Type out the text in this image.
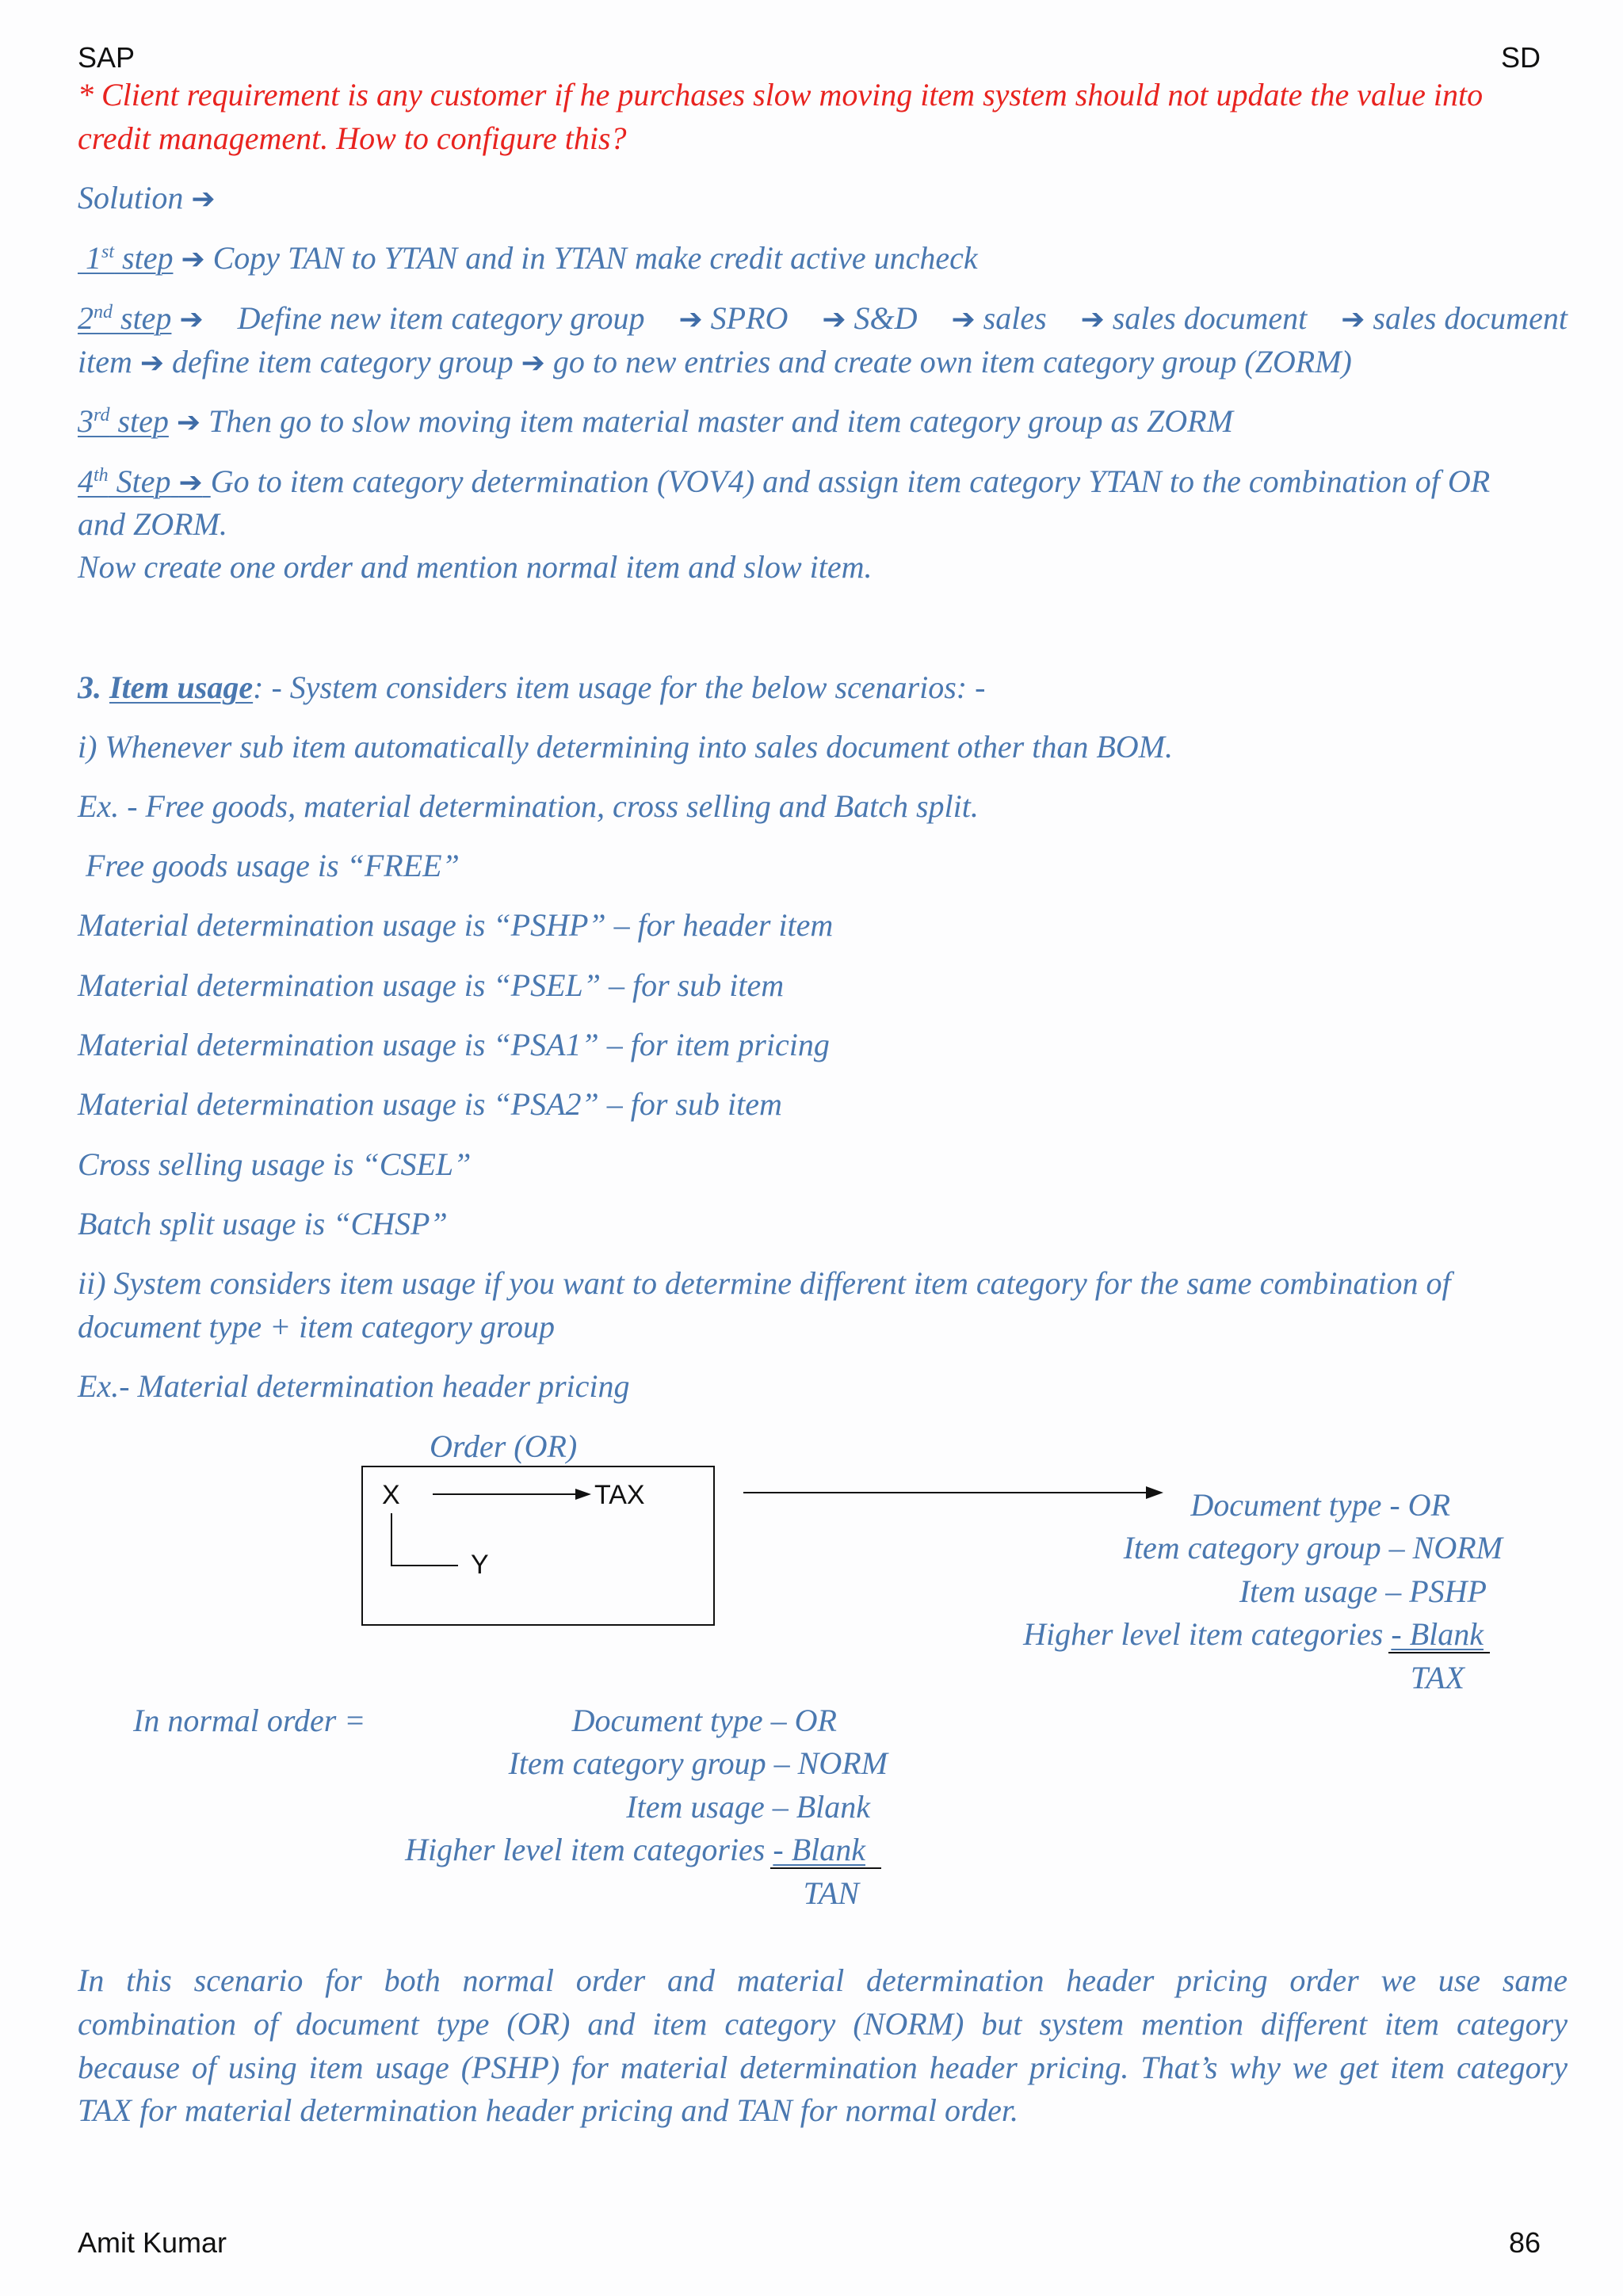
SAP	SD
* Client requirement is any customer if he purchases slow moving item system should not update the value into
credit management. How to configure this?
Solution ➔
1st step ➔ Copy TAN to YTAN and in YTAN make credit active uncheck
2nd step ➔ Define new item category group ➔ SPRO ➔ S&D ➔ sales ➔ sales document ➔ sales document
item ➔ define item category group ➔ go to new entries and create own item category group (ZORM)
3rd step ➔ Then go to slow moving item material master and item category group as ZORM
4th Step ➔ Go to item category determination (VOV4) and assign item category YTAN to the combination of OR
and ZORM.
Now create one order and mention normal item and slow item.
3. Item usage: - System considers item usage for the below scenarios: -
i) Whenever sub item automatically determining into sales document other than BOM.
Ex. - Free goods, material determination, cross selling and Batch split.
Free goods usage is “FREE”
Material determination usage is “PSHP” – for header item
Material determination usage is “PSEL” – for sub item
Material determination usage is “PSA1” – for item pricing
Material determination usage is “PSA2” – for sub item
Cross selling usage is “CSEL”
Batch split usage is “CHSP”
ii) System considers item usage if you want to determine different item category for the same combination of
document type + item category group
Ex.- Material determination header pricing
Order (OR)
X	TAX
Y
Document type - OR
Item category group – NORM
Item usage – PSHP
Higher level item categories - Blank
TAX
In normal order =	Document type – OR
Item category group – NORM
Item usage – Blank
Higher level item categories - Blank
TAN
In this scenario for both normal order and material determination header pricing order we use same
combination of document type (OR) and item category (NORM) but system mention different item category
because of using item usage (PSHP) for material determination header pricing. That’s why we get item category
TAX for material determination header pricing and TAN for normal order.
Amit Kumar	86
